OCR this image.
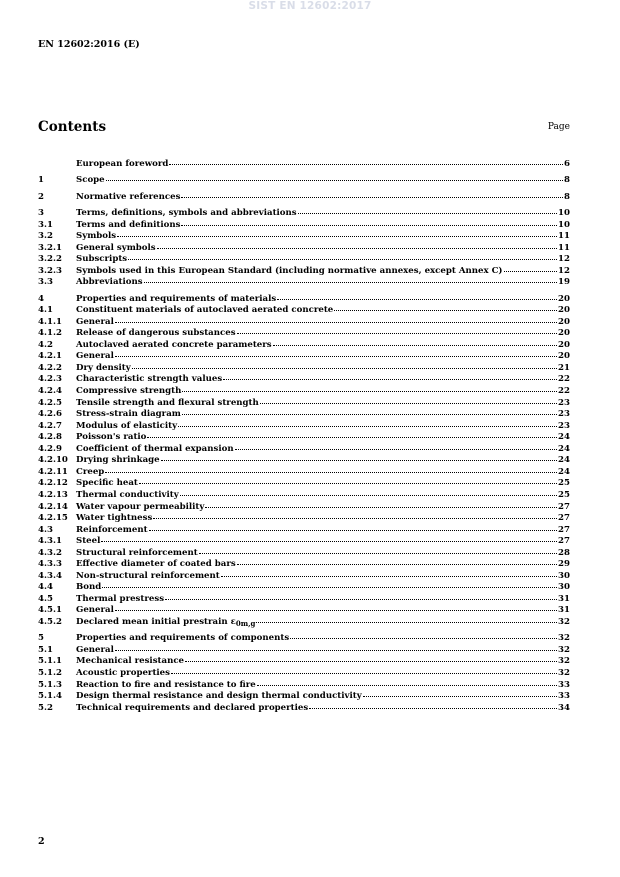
SIST EN 12602:2017
EN 12602:2016 (E)
Contents	Page
European foreword	6
1	Scope	8
2	Normative references	8
3	Terms, definitions, symbols and abbreviations	10
3.1	Terms and definitions	10
3.2	Symbols	11
3.2.1	General symbols	11
3.2.2	Subscripts	12
3.2.3	Symbols used in this European Standard (including normative annexes, except Annex C)	12
3.3	Abbreviations	19
4	Properties and requirements of materials	20
4.1	Constituent materials of autoclaved aerated concrete	20
4.1.1	General	20
4.1.2	Release of dangerous substances	20
4.2	Autoclaved aerated concrete parameters	20
4.2.1	General	20
4.2.2	Dry density	21
4.2.3	Characteristic strength values	22
4.2.4	Compressive strength	22
4.2.5	Tensile strength and flexural strength	23
4.2.6	Stress-strain diagram	23
4.2.7	Modulus of elasticity	23
4.2.8	Poisson's ratio	24
4.2.9	Coefficient of thermal expansion	24
4.2.10 Drying shrinkage	24
4.2.11 Creep	24
4.2.12 Specific heat	25
4.2.13 Thermal conductivity	25
4.2.14 Water vapour permeability	27
4.2.15 Water tightness	27
4.3	Reinforcement	27
4.3.1	Steel	27
4.3.2	Structural reinforcement	28
4.3.3	Effective diameter of coated bars	29
4.3.4	Non-structural reinforcement	30
4.4	Bond	30
4.5	Thermal prestress	31
4.5.1	General	31
4.5.2	Declared mean initial prestrain $\varepsilon_{0m,g}$	32
5	Properties and requirements of components	32
5.1	General	32
5.1.1	Mechanical resistance	32
5.1.2	Acoustic properties	32
5.1.3	Reaction to fire and resistance to fire	33
5.1.4	Design thermal resistance and design thermal conductivity	33
5.2	Technical requirements and declared properties	34
2
